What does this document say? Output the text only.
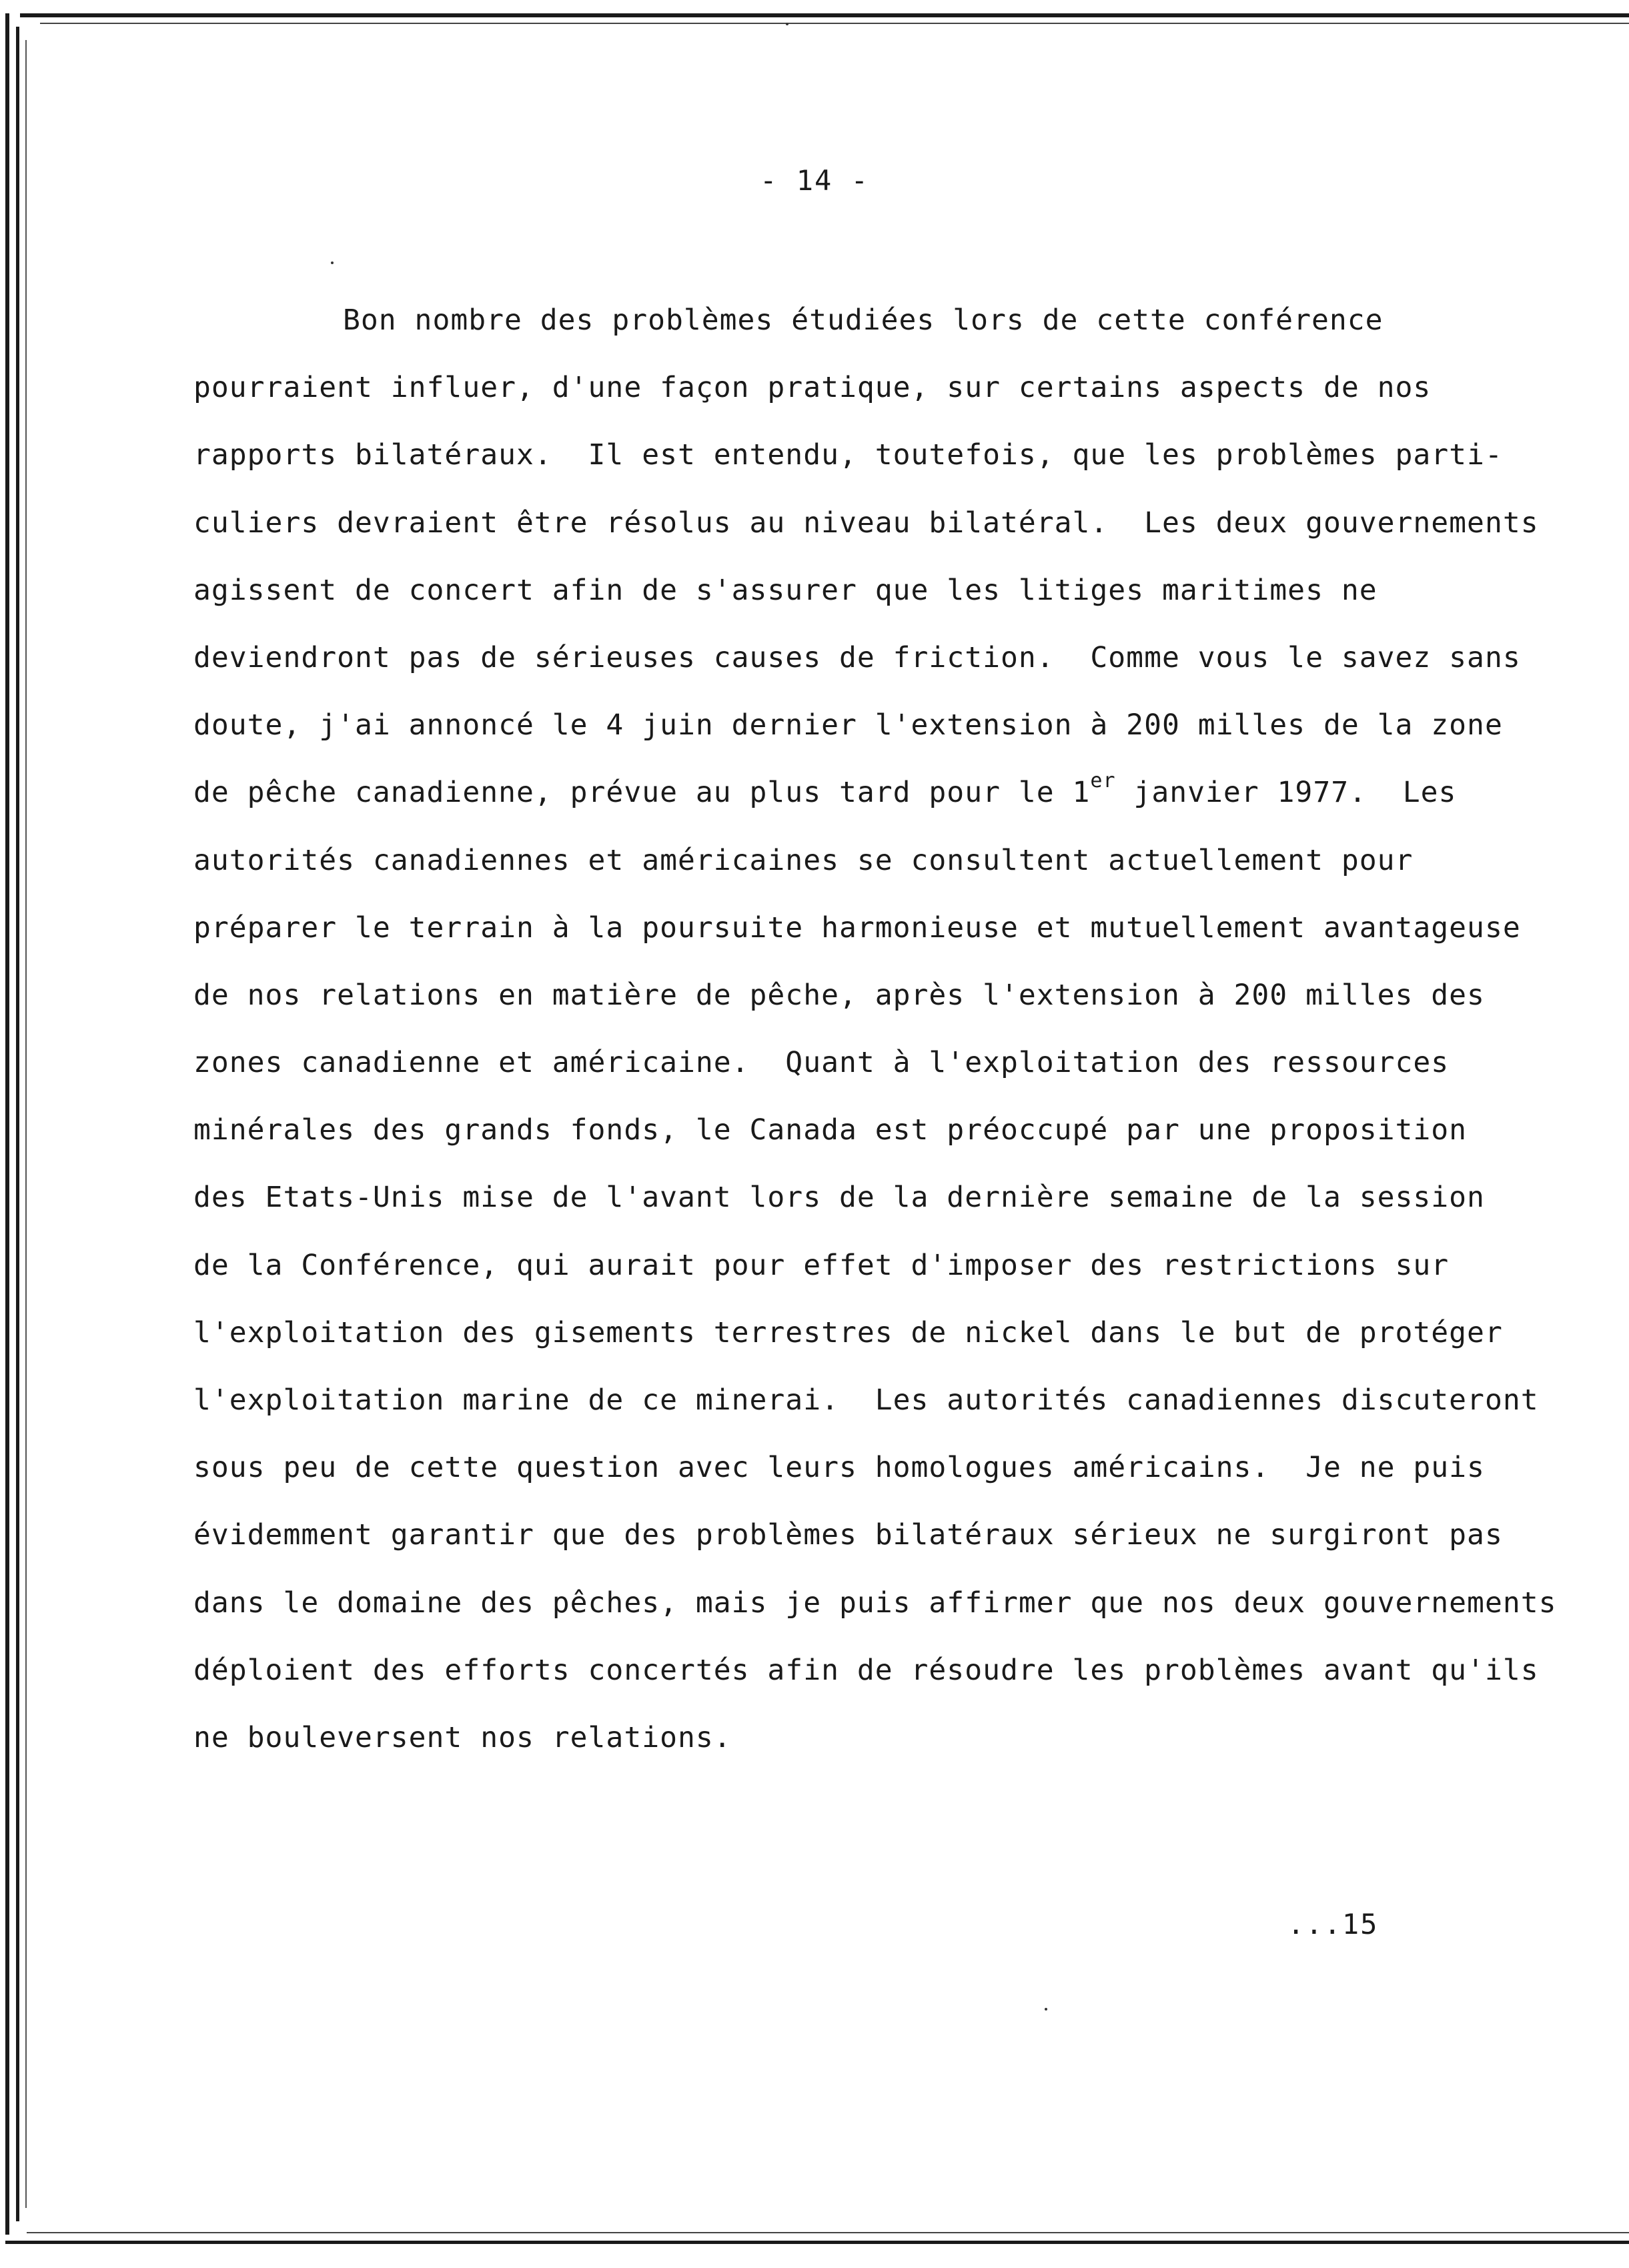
- 14 -
Bon nombre des problèmes étudiées lors de cette conférence
pourraient influer, d'une façon pratique, sur certains aspects de nos
rapports bilatéraux.  Il est entendu, toutefois, que les problèmes parti-
culiers devraient être résolus au niveau bilatéral.  Les deux gouvernements
agissent de concert afin de s'assurer que les litiges maritimes ne
deviendront pas de sérieuses causes de friction.  Comme vous le savez sans
doute, j'ai annoncé le 4 juin dernier l'extension à 200 milles de la zone
de pêche canadienne, prévue au plus tard pour le 1er janvier 1977.  Les
autorités canadiennes et américaines se consultent actuellement pour
préparer le terrain à la poursuite harmonieuse et mutuellement avantageuse
de nos relations en matière de pêche, après l'extension à 200 milles des
zones canadienne et américaine.  Quant à l'exploitation des ressources
minérales des grands fonds, le Canada est préoccupé par une proposition
des Etats-Unis mise de l'avant lors de la dernière semaine de la session
de la Conférence, qui aurait pour effet d'imposer des restrictions sur
l'exploitation des gisements terrestres de nickel dans le but de protéger
l'exploitation marine de ce minerai.  Les autorités canadiennes discuteront
sous peu de cette question avec leurs homologues américains.  Je ne puis
évidemment garantir que des problèmes bilatéraux sérieux ne surgiront pas
dans le domaine des pêches, mais je puis affirmer que nos deux gouvernements
déploient des efforts concertés afin de résoudre les problèmes avant qu'ils
ne bouleversent nos relations.
...15
